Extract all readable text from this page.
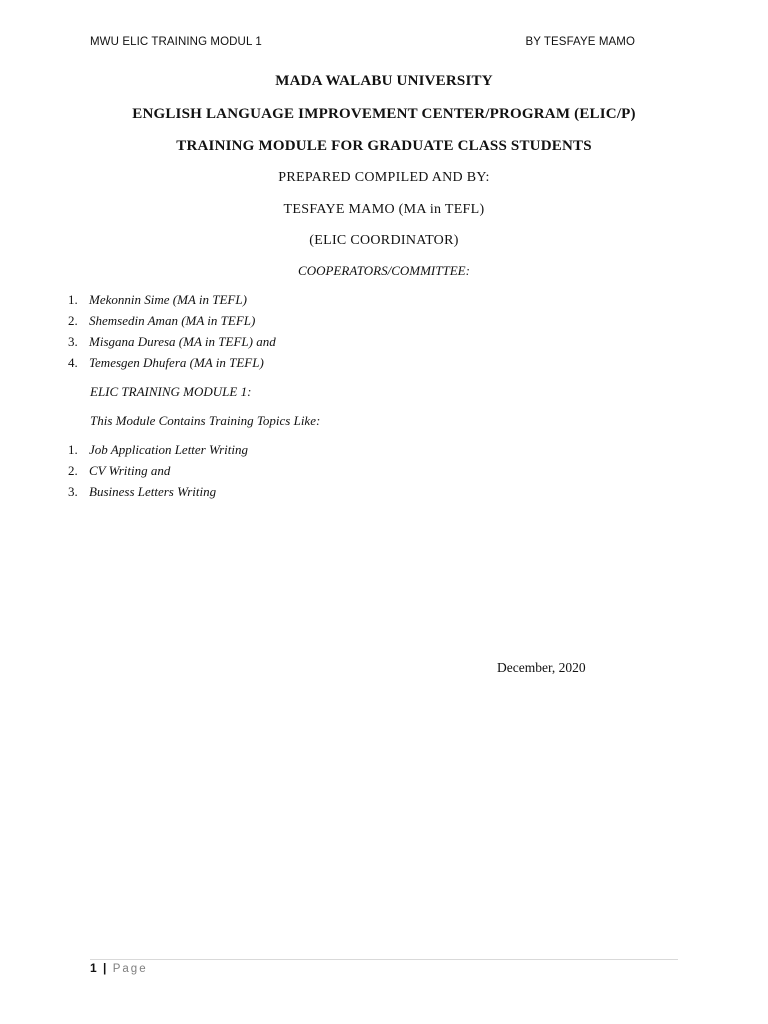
MWU ELIC TRAINING MODUL 1	BY TESFAYE MAMO
MADA WALABU UNIVERSITY
ENGLISH LANGUAGE IMPROVEMENT CENTER/PROGRAM (ELIC/P)
TRAINING MODULE FOR GRADUATE CLASS STUDENTS
PREPARED COMPILED AND BY:
TESFAYE MAMO (MA in TEFL)
(ELIC COORDINATOR)
COOPERATORS/COMMITTEE:
1. Mekonnin Sime (MA in TEFL)
2. Shemsedin Aman (MA in TEFL)
3. Misgana Duresa (MA in TEFL) and
4. Temesgen Dhufera (MA in TEFL)
ELIC TRAINING MODULE 1:
This Module Contains Training Topics Like:
1. Job Application Letter Writing
2. CV Writing and
3. Business Letters Writing
December, 2020
1 | Page
